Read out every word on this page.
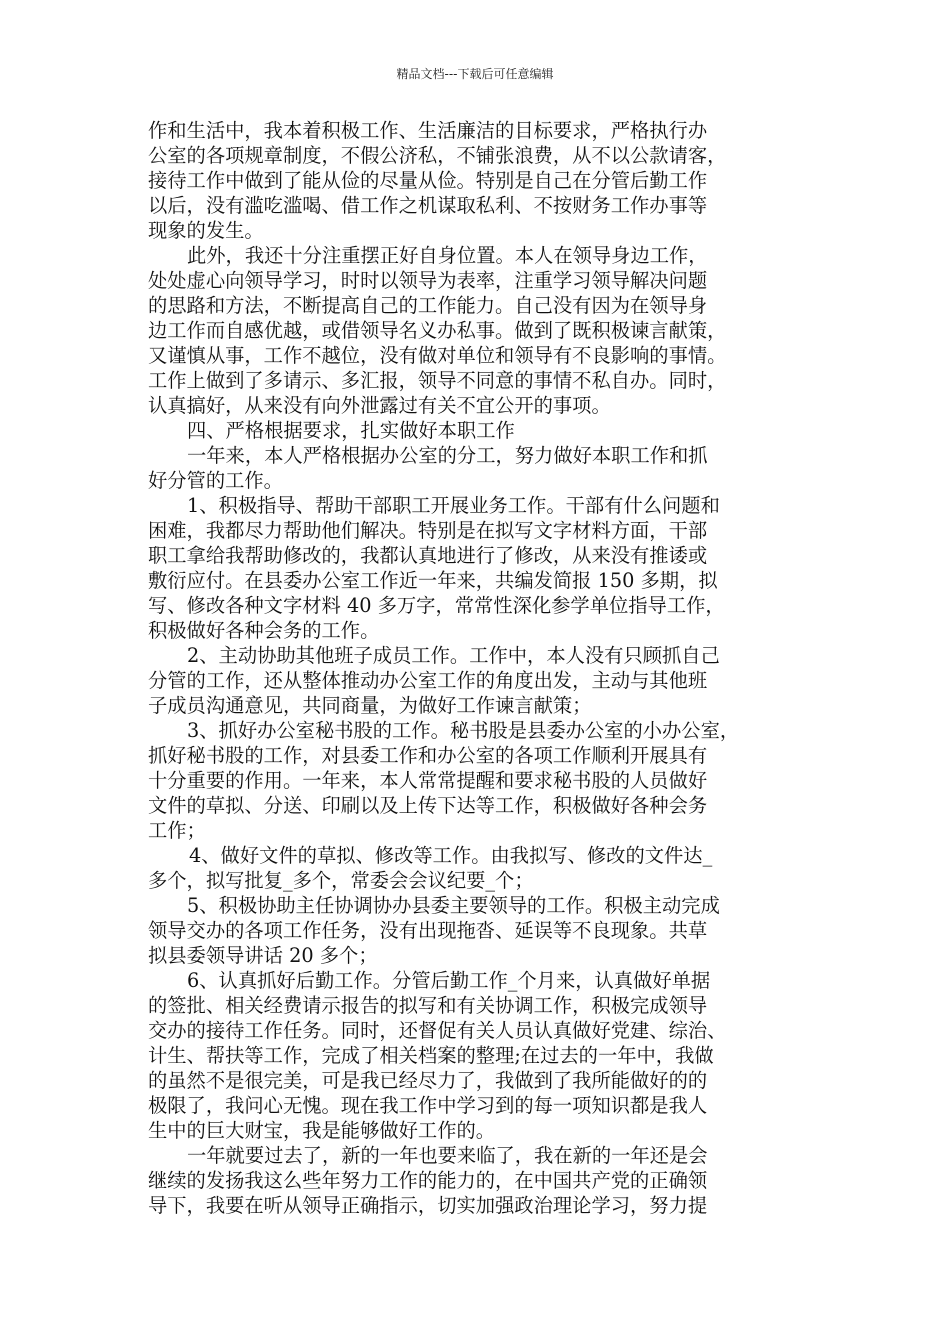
精品文档---下载后可任意编辑
作和生活中，我本着积极工作、生活廉洁的目标要求，严格执行办
公室的各项规章制度，不假公济私，不铺张浪费，从不以公款请客，
接待工作中做到了能从俭的尽量从俭。特别是自己在分管后勤工作
以后，没有滥吃滥喝、借工作之机谋取私利、不按财务工作办事等
现象的发生。
此外，我还十分注重摆正好自身位置。本人在领导身边工作，
处处虚心向领导学习，时时以领导为表率，注重学习领导解决问题
的思路和方法，不断提高自己的工作能力。自己没有因为在领导身
边工作而自感优越，或借领导名义办私事。做到了既积极谏言献策，
又谨慎从事，工作不越位，没有做对单位和领导有不良影响的事情。
工作上做到了多请示、多汇报，领导不同意的事情不私自办。同时，
认真搞好，从来没有向外泄露过有关不宜公开的事项。
四、严格根据要求，扎实做好本职工作
一年来，本人严格根据办公室的分工，努力做好本职工作和抓
好分管的工作。
1、积极指导、帮助干部职工开展业务工作。干部有什么问题和
困难，我都尽力帮助他们解决。特别是在拟写文字材料方面，干部
职工拿给我帮助修改的，我都认真地进行了修改，从来没有推诿或
敷衍应付。在县委办公室工作近一年来，共编发简报 150 多期，拟
写、修改各种文字材料 40 多万字，常常性深化参学单位指导工作，
积极做好各种会务的工作。
2、主动协助其他班子成员工作。工作中，本人没有只顾抓自己
分管的工作，还从整体推动办公室工作的角度出发，主动与其他班
子成员沟通意见，共同商量，为做好工作谏言献策；
3、抓好办公室秘书股的工作。秘书股是县委办公室的小办公室，
抓好秘书股的工作，对县委工作和办公室的各项工作顺利开展具有
十分重要的作用。一年来，本人常常提醒和要求秘书股的人员做好
文件的草拟、分送、印刷以及上传下达等工作，积极做好各种会务
工作；
4、做好文件的草拟、修改等工作。由我拟写、修改的文件达_
多个，拟写批复_多个，常委会会议纪要_个；
5、积极协助主任协调协办县委主要领导的工作。积极主动完成
领导交办的各项工作任务，没有出现拖沓、延误等不良现象。共草
拟县委领导讲话 20 多个；
6、认真抓好后勤工作。分管后勤工作_个月来，认真做好单据
的签批、相关经费请示报告的拟写和有关协调工作，积极完成领导
交办的接待工作任务。同时，还督促有关人员认真做好党建、综治、
计生、帮扶等工作，完成了相关档案的整理;在过去的一年中，我做
的虽然不是很完美，可是我已经尽力了，我做到了我所能做好的的
极限了，我问心无愧。现在我工作中学习到的每一项知识都是我人
生中的巨大财宝，我是能够做好工作的。
一年就要过去了，新的一年也要来临了，我在新的一年还是会
继续的发扬我这么些年努力工作的能力的，在中国共产党的正确领
导下，我要在听从领导正确指示，切实加强政治理论学习，努力提
